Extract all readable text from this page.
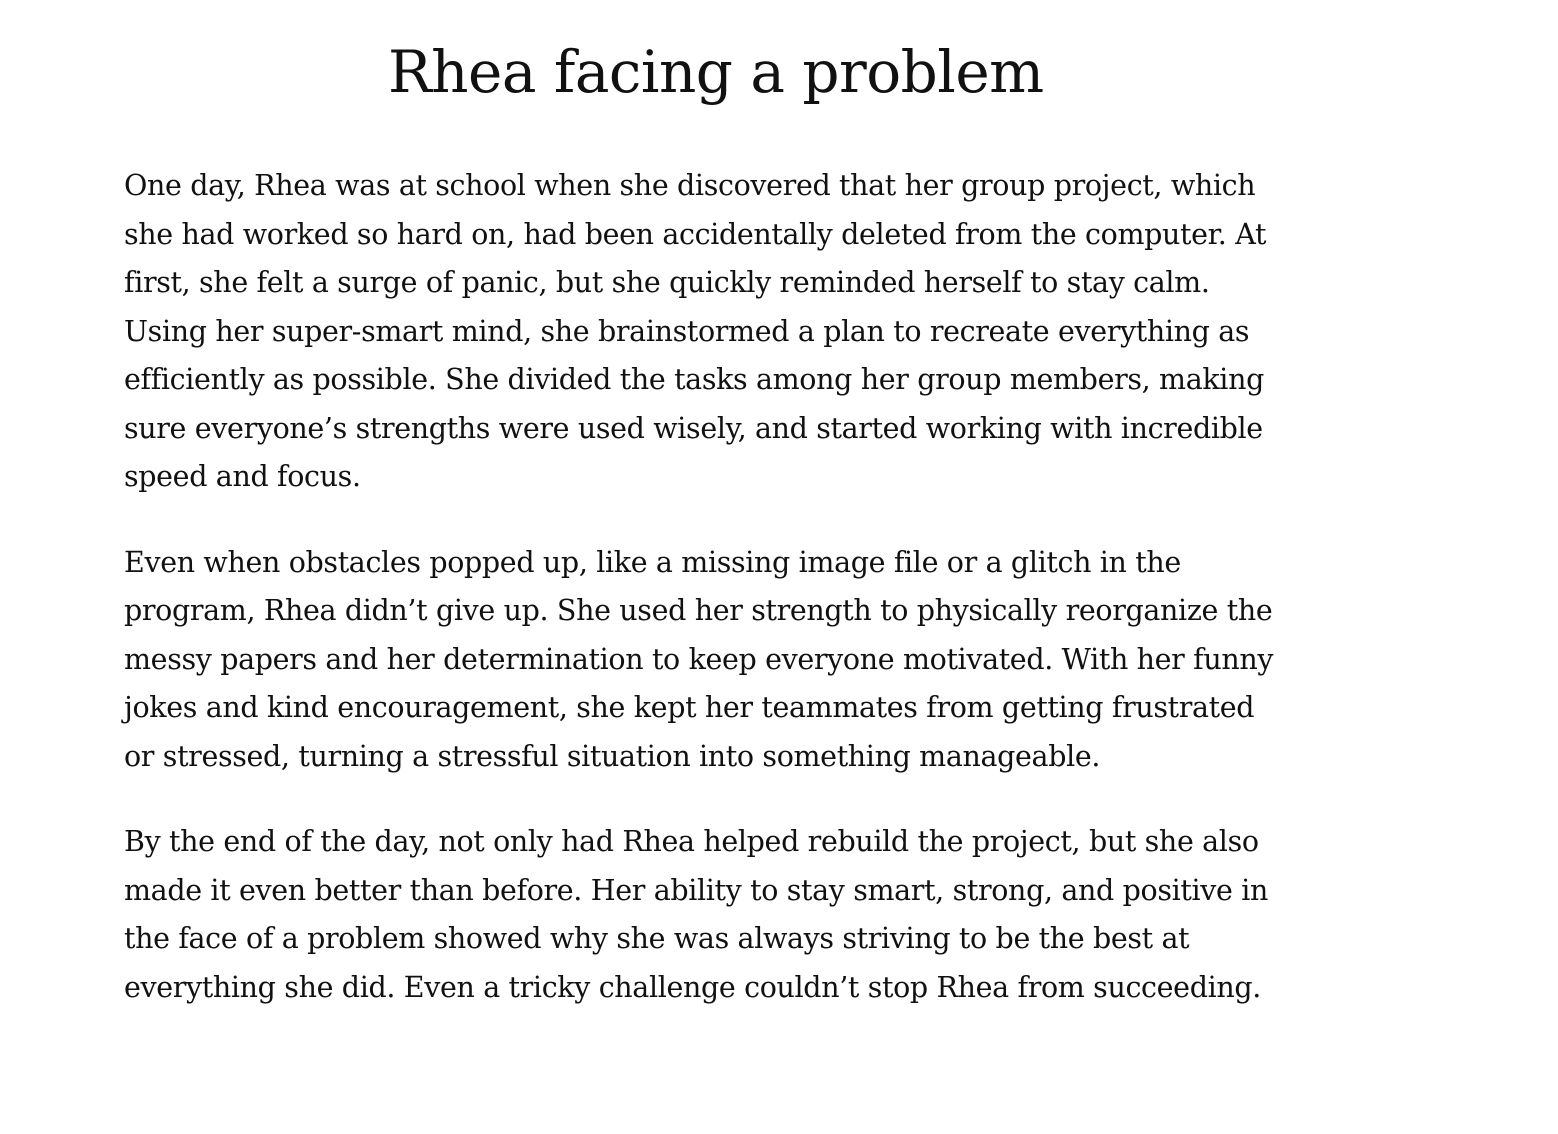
Rhea facing a problem

One day, Rhea was at school when she discovered that her group project, which
she had worked so hard on, had been accidentally deleted from the computer. At
first, she felt a surge of panic, but she quickly reminded herself to stay calm.
Using her super-smart mind, she brainstormed a plan to recreate everything as
efficiently as possible. She divided the tasks among her group members, making
sure everyone’s strengths were used wisely, and started working with incredible
speed and focus.

Even when obstacles popped up, like a missing image file or a glitch in the
program, Rhea didn’t give up. She used her strength to physically reorganize the
messy papers and her determination to keep everyone motivated. With her funny
jokes and kind encouragement, she kept her teammates from getting frustrated
or stressed, turning a stressful situation into something manageable.

By the end of the day, not only had Rhea helped rebuild the project, but she also
made it even better than before. Her ability to stay smart, strong, and positive in
the face of a problem showed why she was always striving to be the best at
everything she did. Even a tricky challenge couldn’t stop Rhea from succeeding.
